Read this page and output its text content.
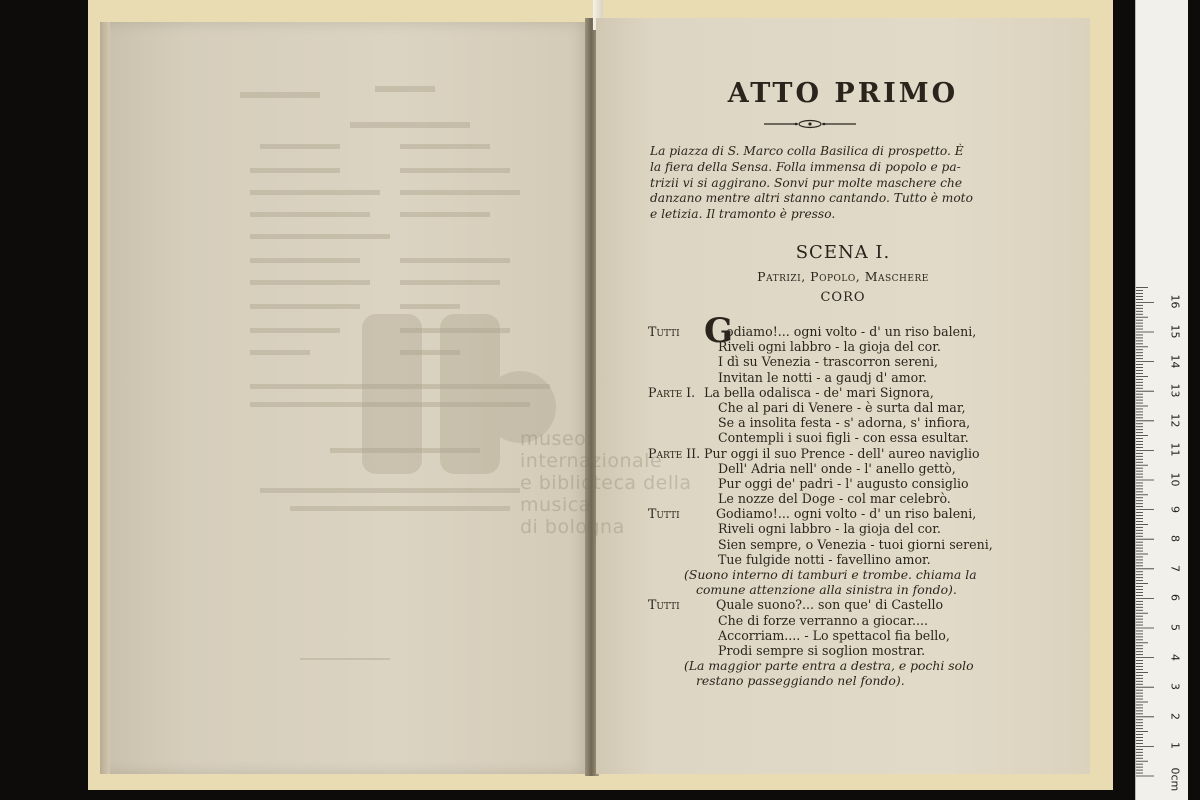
ATTO PRIMO
La piazza di S. Marco colla Basilica di prospetto. È
la fiera della Sensa. Folla immensa di popolo e pa-
trizii vi si aggirano. Sonvi pur molte maschere che
danzano mentre altri stanno cantando. Tutto è moto
e letizia. Il tramonto è presso.
SCENA I.
Patrizi, Popolo, Maschere
CORO
Tutti G
odiamo!... ogni volto - d' un riso baleni,
Riveli ogni labbro - la gioja del cor.
I dì su Venezia - trascorron sereni,
Invitan le notti - a gaudj d' amor.
Parte I. La bella odalisca - de' mari Signora,
Che al pari di Venere - è surta dal mar,
Se a insolita festa - s' adorna, s' infiora,
Contempli i suoi figli - con essa esultar.
Parte II. Pur oggi il suo Prence - dell' aureo naviglio
Dell' Adria nell' onde - l' anello gettò,
Pur oggi de' padri - l' augusto consiglio
Le nozze del Doge - col mar celebrò.
Tutti	Godiamo!... ogni volto - d' un riso baleni,
Riveli ogni labbro - la gioja del cor.
Sien sempre, o Venezia - tuoi giorni sereni,
Tue fulgide notti - favellino amor.
(Suono interno di tamburi e trombe. chiama la
comune attenzione alla sinistra in fondo).
Tutti	Quale suono?... son que' di Castello
Che di forze verranno a giocar....
Accorriam.... - Lo spettacol fia bello,
Prodi sempre si soglion mostrar.
(La maggior parte entra a destra, e pochi solo
restano passeggiando nel fondo).
museo internazionale
e biblioteca della musica
di bologna
0cm
1
2
3
4
5
6
7
8
9
10
11
12
13
14
15
16
